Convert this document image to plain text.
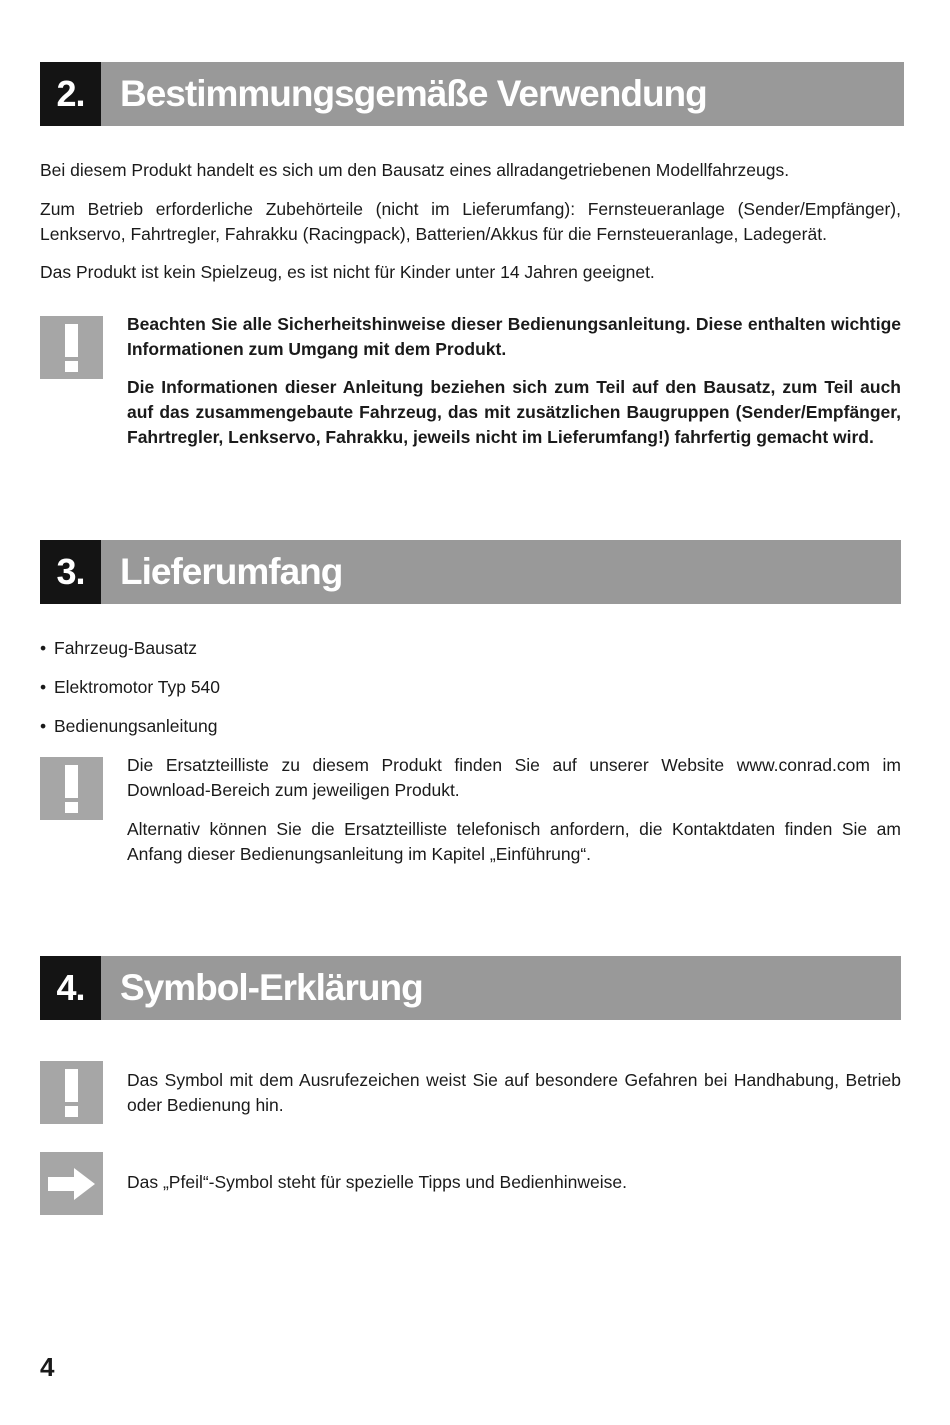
2. Bestimmungsgemäße Verwendung

Bei diesem Produkt handelt es sich um den Bausatz eines allradangetriebenen Modellfahrzeugs.

Zum Betrieb erforderliche Zubehörteile (nicht im Lieferumfang): Fernsteueranlage (Sender/Empfänger), Lenkservo, Fahrtregler, Fahrakku (Racingpack), Batterien/Akkus für die Fernsteueranlage, Ladegerät.

Das Produkt ist kein Spielzeug, es ist nicht für Kinder unter 14 Jahren geeignet.

Beachten Sie alle Sicherheitshinweise dieser Bedienungsanleitung. Diese enthalten wichtige Informationen zum Umgang mit dem Produkt.

Die Informationen dieser Anleitung beziehen sich zum Teil auf den Bausatz, zum Teil auch auf das zusammengebaute Fahrzeug, das mit zusätzlichen Baugruppen (Sender/Empfänger, Fahrtregler, Lenkservo, Fahrakku, jeweils nicht im Lieferumfang!) fahrfertig gemacht wird.

3. Lieferumfang
• Fahrzeug-Bausatz
• Elektromotor Typ 540
• Bedienungsanleitung

Die Ersatzteilliste zu diesem Produkt finden Sie auf unserer Website www.conrad.com im Download-Bereich zum jeweiligen Produkt.

Alternativ können Sie die Ersatzteilliste telefonisch anfordern, die Kontaktdaten finden Sie am Anfang dieser Bedienungsanleitung im Kapitel „Einführung“.

4. Symbol-Erklärung

Das Symbol mit dem Ausrufezeichen weist Sie auf besondere Gefahren bei Handhabung, Betrieb oder Bedienung hin.

Das „Pfeil“-Symbol steht für spezielle Tipps und Bedienhinweise.

4
